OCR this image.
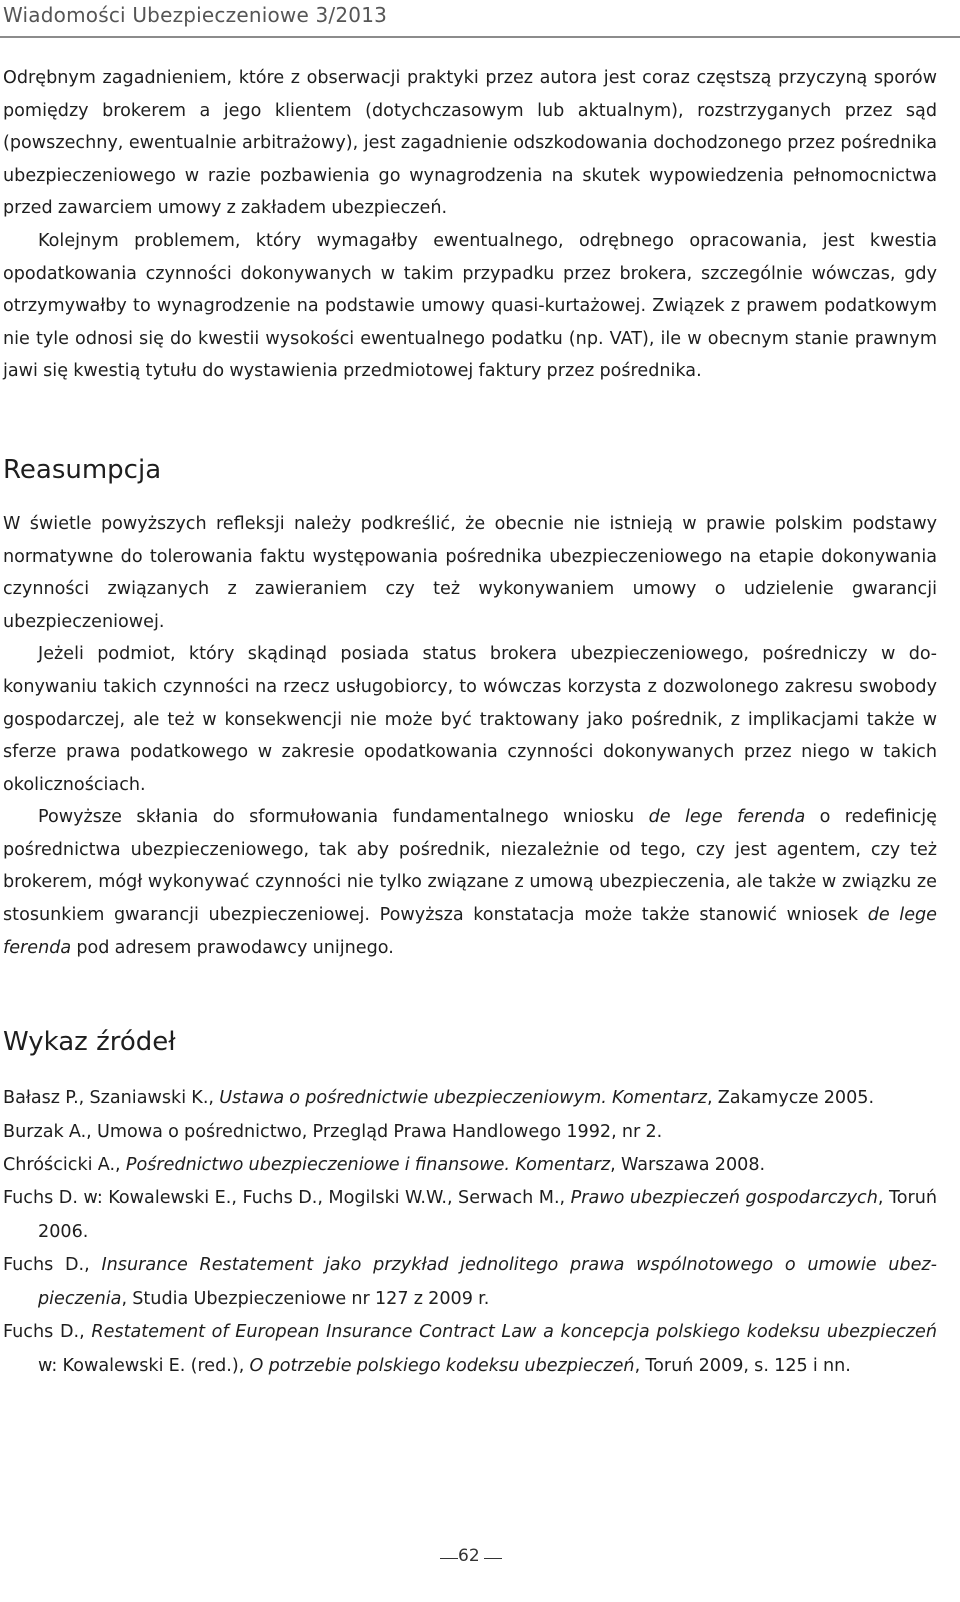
Wiadomości Ubezpieczeniowe 3/2013

Odrębnym zagadnieniem, które z obserwacji praktyki przez autora jest coraz częstszą przyczyną sporów pomiędzy brokerem a jego klientem (dotychczasowym lub aktualnym), rozstrzyganych przez sąd (powszechny, ewentualnie arbitrażowy), jest zagadnienie odszkodowania dochodzonego przez pośrednika ubezpieczeniowego w razie pozbawienia go wynagrodzenia na skutek wypowiedzenia pełnomocnictwa przed zawarciem umowy z zakładem ubezpieczeń.

Kolejnym problemem, który wymagałby ewentualnego, odrębnego opracowania, jest kwestia opodatkowania czynności dokonywanych w takim przypadku przez brokera, szczególnie wówczas, gdy otrzymywałby to wynagrodzenie na podstawie umowy quasi-kurtażowej. Związek z prawem podatkowym nie tyle odnosi się do kwestii wysokości ewentualnego podatku (np. VAT), ile w obecnym stanie prawnym jawi się kwestią tytułu do wystawienia przedmiotowej faktury przez pośrednika.

Reasumpcja

W świetle powyższych refleksji należy podkreślić, że obecnie nie istnieją w prawie polskim podstawy normatywne do tolerowania faktu występowania pośrednika ubezpieczeniowego na etapie dokonywania czynności związanych z zawieraniem czy też wykonywaniem umowy o udzielenie gwarancji ubezpieczeniowej.

Jeżeli podmiot, który skądinąd posiada status brokera ubezpieczeniowego, pośredniczy w dokonywaniu takich czynności na rzecz usługobiorcy, to wówczas korzysta z dozwolonego zakresu swobody gospodarczej, ale też w konsekwencji nie może być traktowany jako pośrednik, z implikacjami także w sferze prawa podatkowego w zakresie opodatkowania czynności dokonywanych przez niego w takich okolicznościach.

Powyższe skłania do sformułowania fundamentalnego wniosku de lege ferenda o redefinicję pośrednictwa ubezpieczeniowego, tak aby pośrednik, niezależnie od tego, czy jest agentem, czy też brokerem, mógł wykonywać czynności nie tylko związane z umową ubezpieczenia, ale także w związku ze stosunkiem gwarancji ubezpieczeniowej. Powyższa konstatacja może także stanowić wniosek de lege ferenda pod adresem prawodawcy unijnego.

Wykaz źródeł

Bałasz P., Szaniawski K., Ustawa o pośrednictwie ubezpieczeniowym. Komentarz, Zakamycze 2005.

Burzak A., Umowa o pośrednictwo, Przegląd Prawa Handlowego 1992, nr 2.

Chróścicki A., Pośrednictwo ubezpieczeniowe i finansowe. Komentarz, Warszawa 2008.

Fuchs D. w: Kowalewski E., Fuchs D., Mogilski W.W., Serwach M., Prawo ubezpieczeń gospodarczych, Toruń 2006.

Fuchs D., Insurance Restatement jako przykład jednolitego prawa wspólnotowego o umowie ubezpieczenia, Studia Ubezpieczeniowe nr 127 z 2009 r.

Fuchs D., Restatement of European Insurance Contract Law a koncepcja polskiego kodeksu ubezpieczeń w: Kowalewski E. (red.), O potrzebie polskiego kodeksu ubezpieczeń, Toruń 2009, s. 125 i nn.

62
